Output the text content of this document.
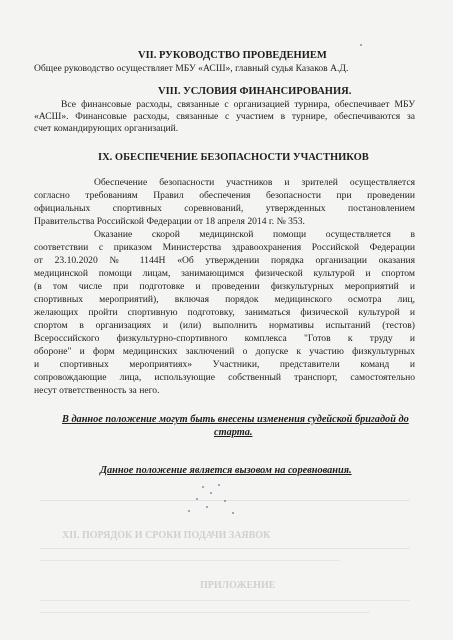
VII. РУКОВОДСТВО ПРОВЕДЕНИЕМ
Общее руководство осуществляет МБУ «АСШ», главный судья Казаков А.Д.
VIII. УСЛОВИЯ ФИНАНСИРОВАНИЯ.
Все финансовые расходы, связанные с организацией турнира, обеспечивает МБУ
«АСШ». Финансовые расходы, связанные с участием в турнире, обеспечиваются за
счет командирующих организаций.
IX. ОБЕСПЕЧЕНИЕ БЕЗОПАСНОСТИ УЧАСТНИКОВ
Обеспечение безопасности участников и зрителей осуществляется
согласно требованиям Правил обеспечения безопасности при проведении
официальных спортивных соревнований, утвержденных постановлением
Правительства Российской Федерации от 18 апреля 2014 г. № 353.
Оказание скорой медицинской помощи осуществляется в
соответствии с приказом Министерства здравоохранения Российской Федерации
от 23.10.2020 № 1144Н «Об утверждении порядка организации оказания
медицинской помощи лицам, занимающимся физической культурой и спортом
(в том числе при подготовке и проведении физкультурных мероприятий и
спортивных мероприятий), включая порядок медицинского осмотра лиц,
желающих пройти спортивную подготовку, заниматься физической культурой и
спортом в организациях и (или) выполнить нормативы испытаний (тестов)
Всероссийского физкультурно-спортивного комплекса "Готов к труду и
обороне" и форм медицинских заключений о допуске к участию физкультурных
и спортивных мероприятиях» Участники, представители команд и
сопровождающие лица, использующие собственный транспорт, самостоятельно
несут ответственность за него.
В данное положение могут быть внесены изменения судейской бригадой до
старта.
Данное положение является вызовом на соревнования.
XII. ПОРЯДОК И СРОКИ ПОДАЧИ ЗАЯВОК
ПРИЛОЖЕНИЕ
